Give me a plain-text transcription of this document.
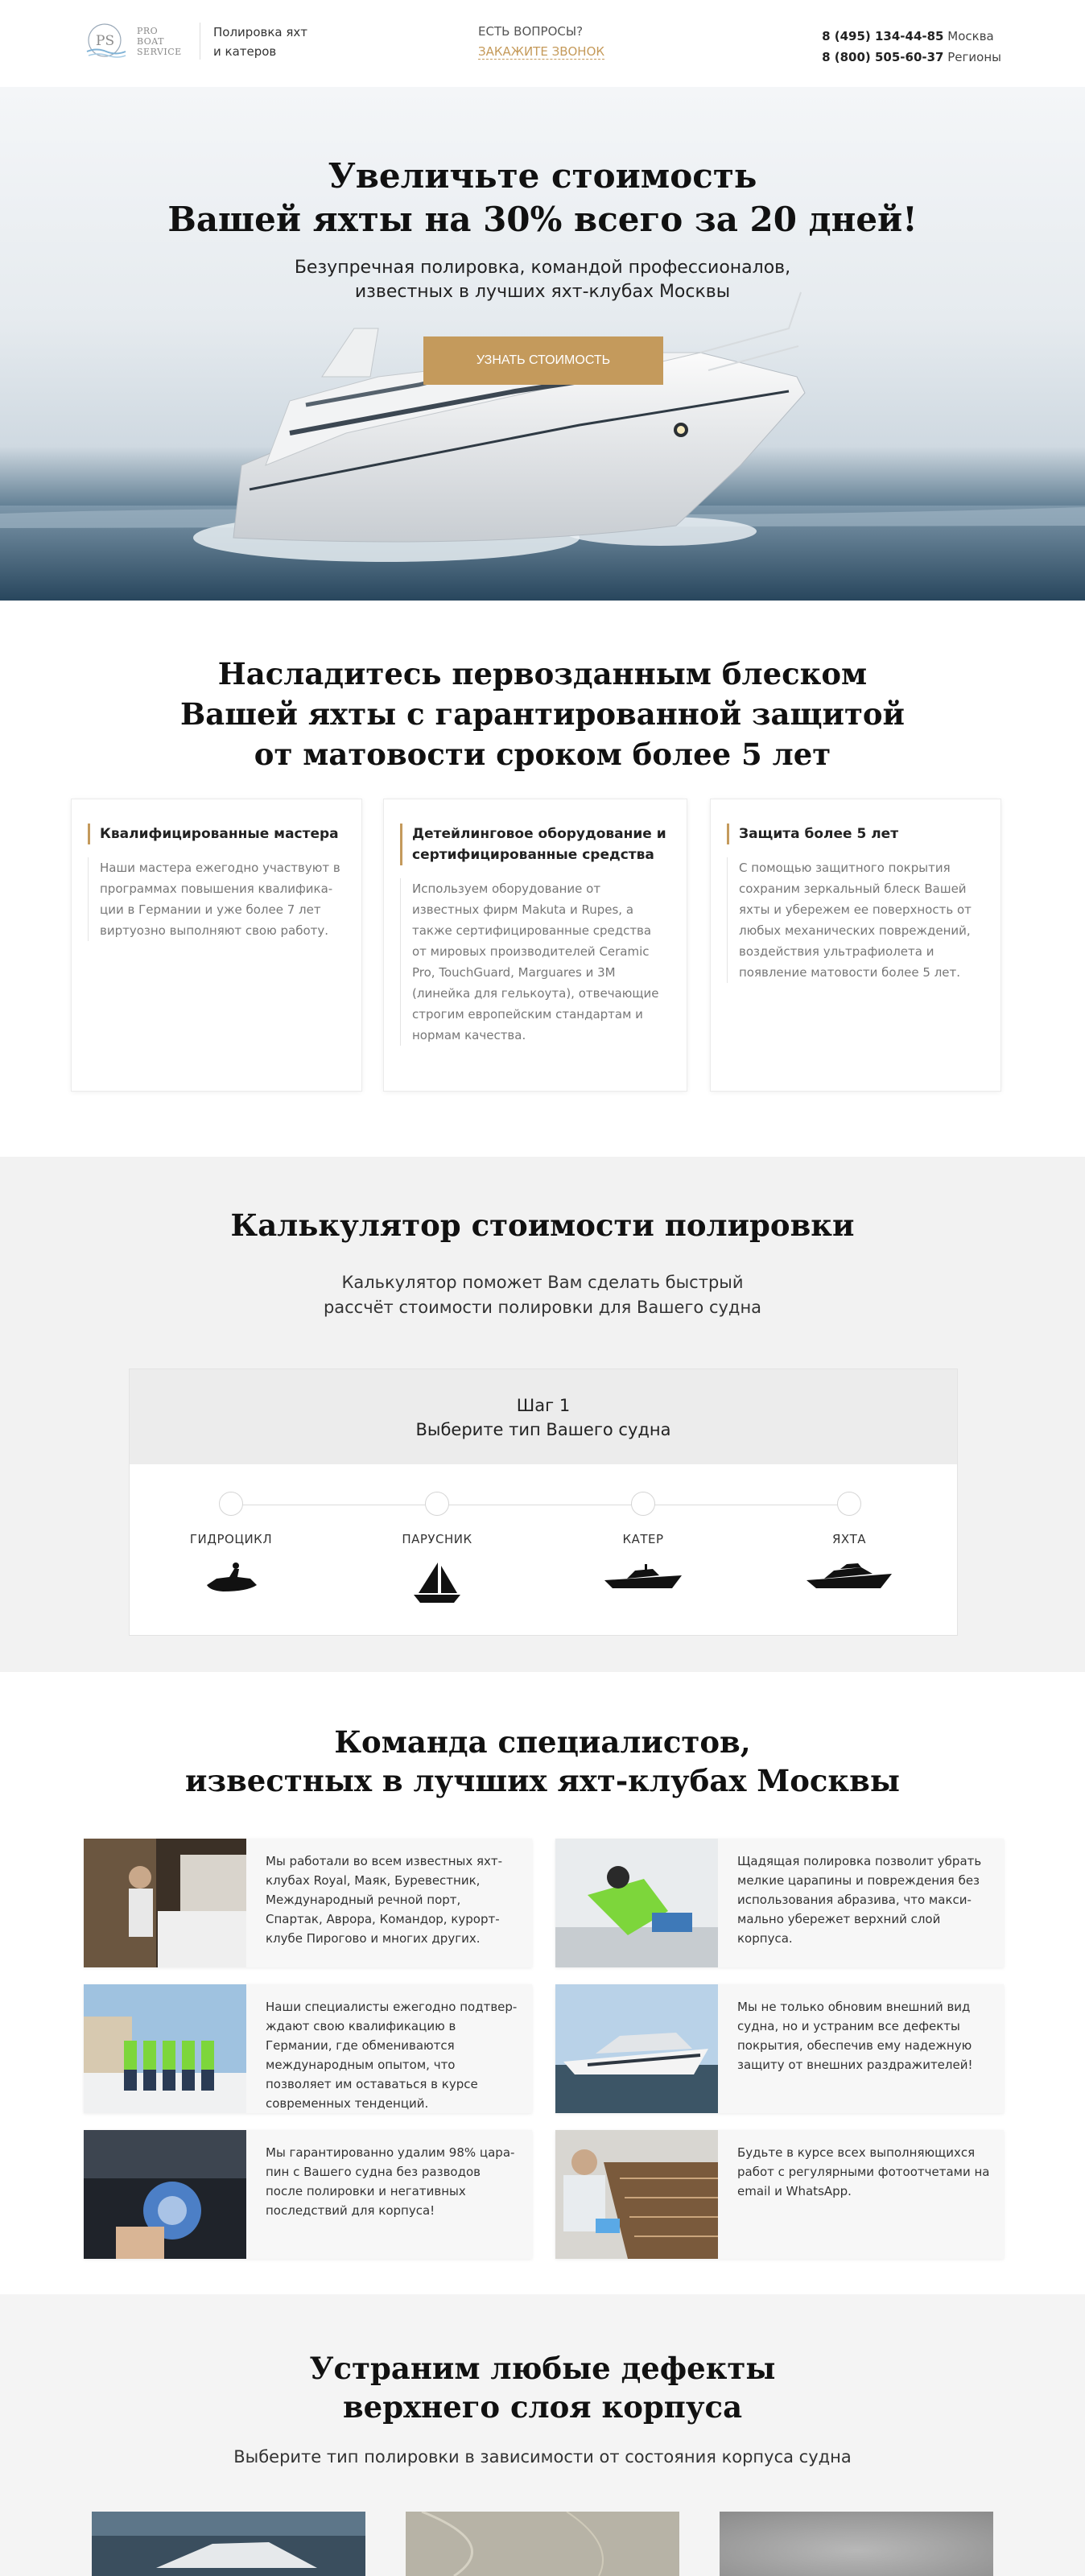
PS
PRO
BOAT
SERVICE
Полировка яхт
и катеров
ЕСТЬ ВОПРОСЫ?
ЗАКАЖИТЕ ЗВОНОК
8 (495) 134-44-85 Москва
8 (800) 505-60-37 Регионы
Увеличьте стоимость
Вашей яхты на 30% всего за 20 дней!
Безупречная полировка, командой профессионалов,
известных в лучших яхт-клубах Москвы
УЗНАТЬ СТОИМОСТЬ
Насладитесь первозданным блеском
Вашей яхты с гарантированной защитой
от матовости сроком более 5 лет
Квалифицированные мастера
Наши мастера ежегодно участвуют в программах повышения квалифика-ции в Германии и уже более 7 лет виртуозно выполняют свою работу.
Детейлинговое оборудование и сертифицированные средства
Используем оборудование от известных фирм Makuta и Rupes, а также сертифицированные средства от мировых производителей Ceramic Pro, TouchGuard, Marguares и 3M (линейка для гелькоута), отвечающие строгим европейским стандартам и нормам качества.
Защита более 5 лет
С помощью защитного покрытия сохраним зеркальный блеск Вашей яхты и убережем ее поверхность от любых механических повреждений, воздействия ультрафиолета и появление матовости более 5 лет.
Калькулятор стоимости полировки
Калькулятор поможет Вам сделать быстрый
рассчёт стоимости полировки для Вашего судна
Шаг 1
Выберите тип Вашего судна
ГИДРОЦИКЛ	ПАРУСНИК	КАТЕР	ЯХТА
Команда специалистов,
известных в лучших яхт-клубах Москвы
Мы работали во всем известных яхт-клубах Royal, Маяк, Буревестник, Международный речной порт, Спартак, Аврора, Командор, курорт- клубе Пирогово и многих других.
Щадящая полировка позволит убрать мелкие царапины и повреждения без использования абразива, что макси-мально убережет верхний слой корпуса.
Наши специалисты ежегодно подтвер-ждают свою квалификацию в Германии, где обмениваются международным опытом, что позволяет им оставаться в курсе современных тенденций.
Мы не только обновим внешний вид судна, но и устраним все дефекты покрытия, обеспечив ему надежную защиту от внешних раздражителей!
Мы гарантированно удалим 98% цара-пин с Вашего судна без разводов после полировки и негативных последствий для корпуса!
Будьте в курсе всех выполняющихся работ с регулярными фотоотчетами на email и WhatsApp.
Устраним любые дефекты
верхнего слоя корпуса
Выберите тип полировки в зависимости от состояния корпуса судна
